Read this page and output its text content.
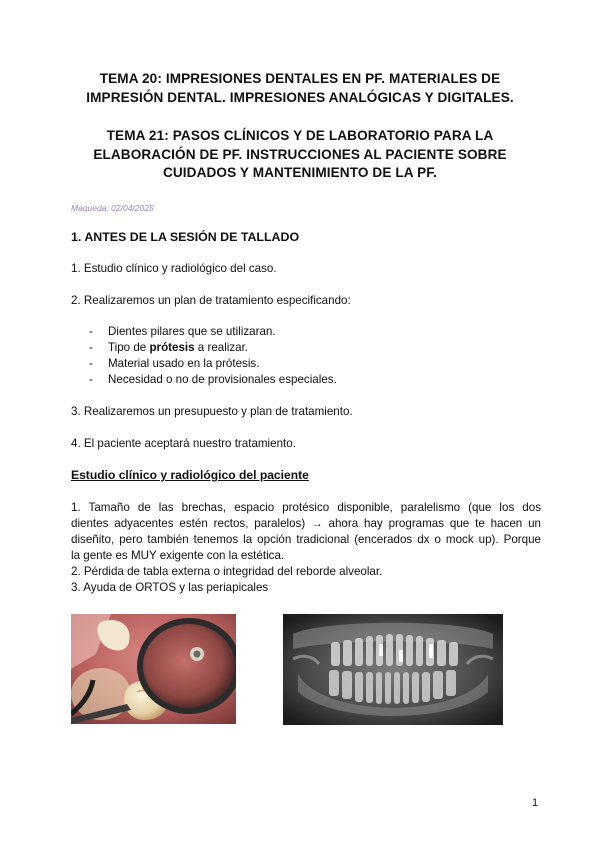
TEMA 20: IMPRESIONES DENTALES EN PF. MATERIALES DE IMPRESIÓN DENTAL. IMPRESIONES ANALÓGICAS Y DIGITALES.
TEMA 21: PASOS CLÍNICOS Y DE LABORATORIO PARA LA ELABORACIÓN DE PF. INSTRUCCIONES AL PACIENTE SOBRE CUIDADOS Y MANTENIMIENTO DE LA PF.
Maqueda: 02/04/2025
1. ANTES DE LA SESIÓN DE TALLADO
1. Estudio clínico y radiológico del caso.
2. Realizaremos un plan de tratamiento especificando:
- Dientes pilares que se utilizaran.
- Tipo de prótesis a realizar.
- Material usado en la prótesis.
- Necesidad o no de provisionales especiales.
3. Realizaremos un presupuesto y plan de tratamiento.
4. El paciente aceptará nuestro tratamiento.
Estudio clínico y radiológico del paciente
1. Tamaño de las brechas, espacio protésico disponible, paralelismo (que los dos
dientes adyacentes estén rectos, paralelos) → ahora hay programas que te hacen un
diseñito, pero también tenemos la opción tradicional (encerados dx o mock up). Porque
la gente es MUY exigente con la estética.
2. Pérdida de tabla externa o integridad del reborde alveolar.
3. Ayuda de ORTOS y las periapicales
1
